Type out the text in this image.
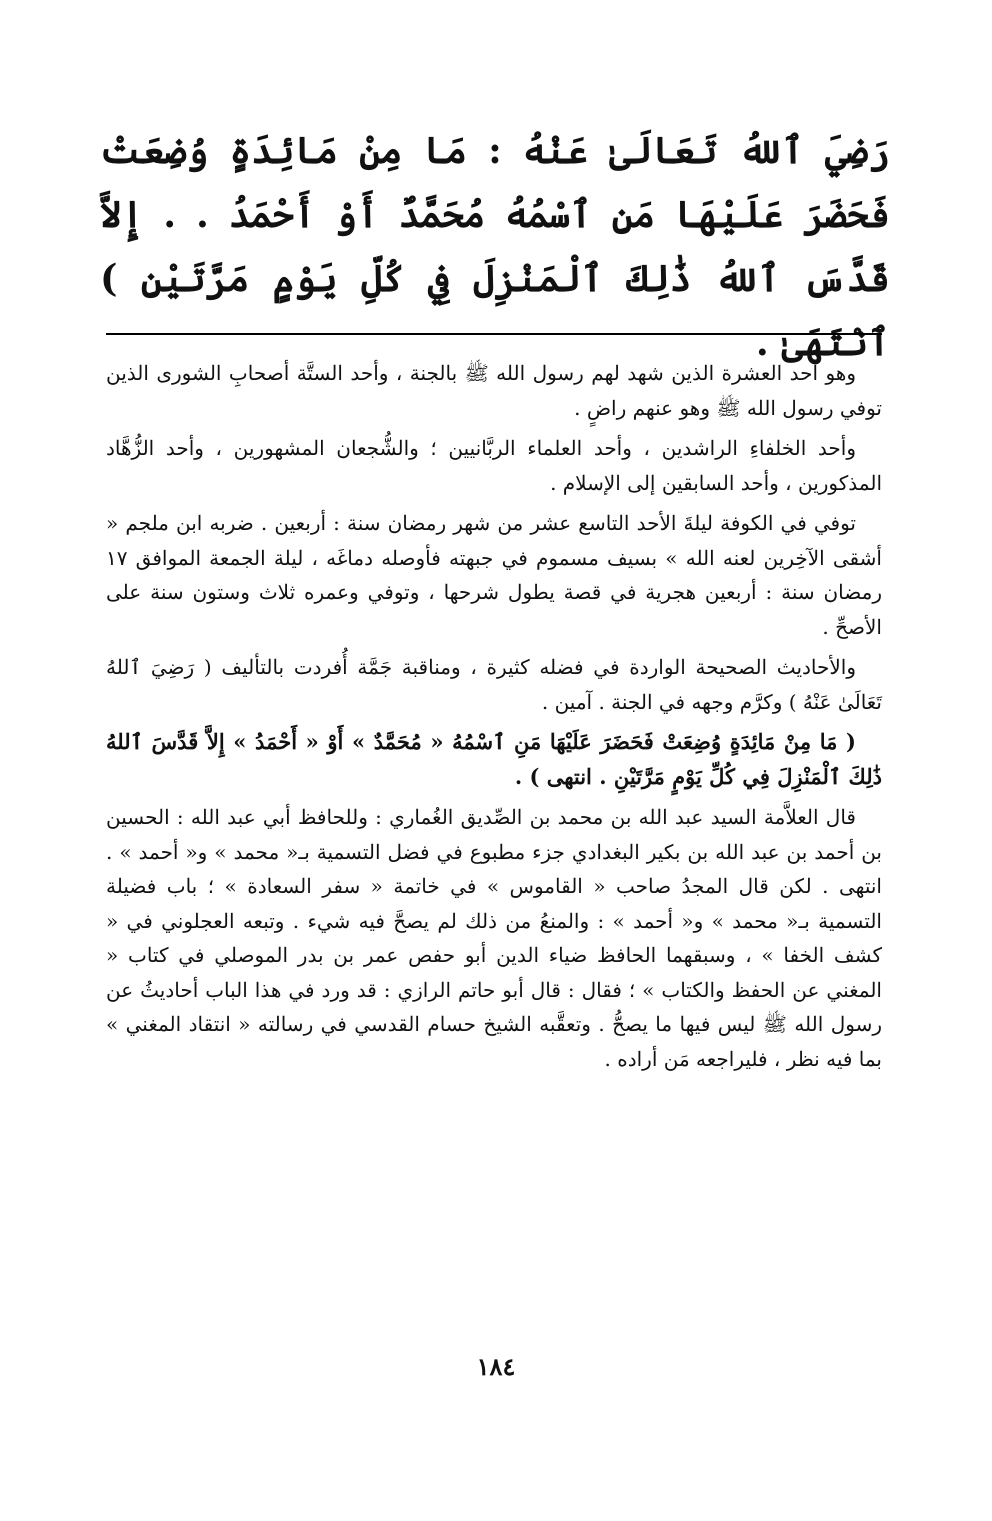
رَضِيَ ٱللهُ تَعَالَىٰ عَنْهُ : مَا مِنْ مَائِدَةٍ وُضِعَتْ فَحَضَرَ عَلَيْهَا مَنِ ٱسْمُهُ مُحَمَّدٌ أَوْ أَحْمَدُ . . إِلاَّ قَدَّسَ ٱللهُ ذَٰلِكَ ٱلْمَنْزِلَ فِي كُلِّ يَوْمٍ مَرَّتَيْنِ ) ٱنْتَهَىٰ .

وهو أحد العشرة الذين شهد لهم رسول الله ﷺ بالجنة ، وأحد الستَّة أصحابِ الشورى الذين توفي رسول الله ﷺ وهو عنهم راضٍ .

وأحد الخلفاءِ الراشدين ، وأحد العلماء الربَّانيين ؛ والشُّجعان المشهورين ، وأحد الزُّهَّاد المذكورين ، وأحد السابقين إلى الإسلام .

توفي في الكوفة ليلةَ الأحد التاسع عشر من شهر رمضان سنة : أربعين . ضربه ابن ملجم « أشقى الآخِرين لعنه الله » بسيف مسموم في جبهته فأوصله دماغَه ، ليلة الجمعة الموافق ١٧ رمضان سنة : أربعين هجرية في قصة يطول شرحها ، وتوفي وعمره ثلاث وستون سنة على الأصحِّ .

والأحاديث الصحيحة الواردة في فضله كثيرة ، ومناقبة جَمَّة أُفردت بالتأليف ( رَضِيَ ٱللهُ تَعَالَىٰ عَنْهُ ) وكرَّم وجهه في الجنة . آمين .

( مَا مِنْ مَائِدَةٍ وُضِعَتْ فَحَضَرَ عَلَيْهَا مَنِ ٱسْمُهُ « مُحَمَّدٌ » أَوْ « أَحْمَدُ » إِلاَّ قَدَّسَ ٱللهُ ذَٰلِكَ ٱلْمَنْزِلَ فِي كُلِّ يَوْمٍ مَرَّتَيْنِ . انتهى ) .

قال العلاَّمة السيد عبد الله بن محمد بن الصِّديق الغُماري : وللحافظ أبي عبد الله : الحسين بن أحمد بن عبد الله بن بكير البغدادي جزء مطبوع في فضل التسمية بـ« محمد » و« أحمد » . انتهى . لكن قال المجدُ صاحب « القاموس » في خاتمة « سفر السعادة » ؛ باب فضيلة التسمية بـ« محمد » و« أحمد » : والمنعُ من ذلك لم يصحَّ فيه شيء . وتبعه العجلوني في « كشف الخفا » ، وسبقهما الحافظ ضياء الدين أبو حفص عمر بن بدر الموصلي في كتاب « المغني عن الحفظ والكتاب » ؛ فقال : قال أبو حاتم الرازي : قد ورد في هذا الباب أحاديثُ عن رسول الله ﷺ ليس فيها ما يصحُّ . وتعقَّبه الشيخ حسام القدسي في رسالته « انتقاد المغني » بما فيه نظر ، فليراجعه مَن أراده .

١٨٤
